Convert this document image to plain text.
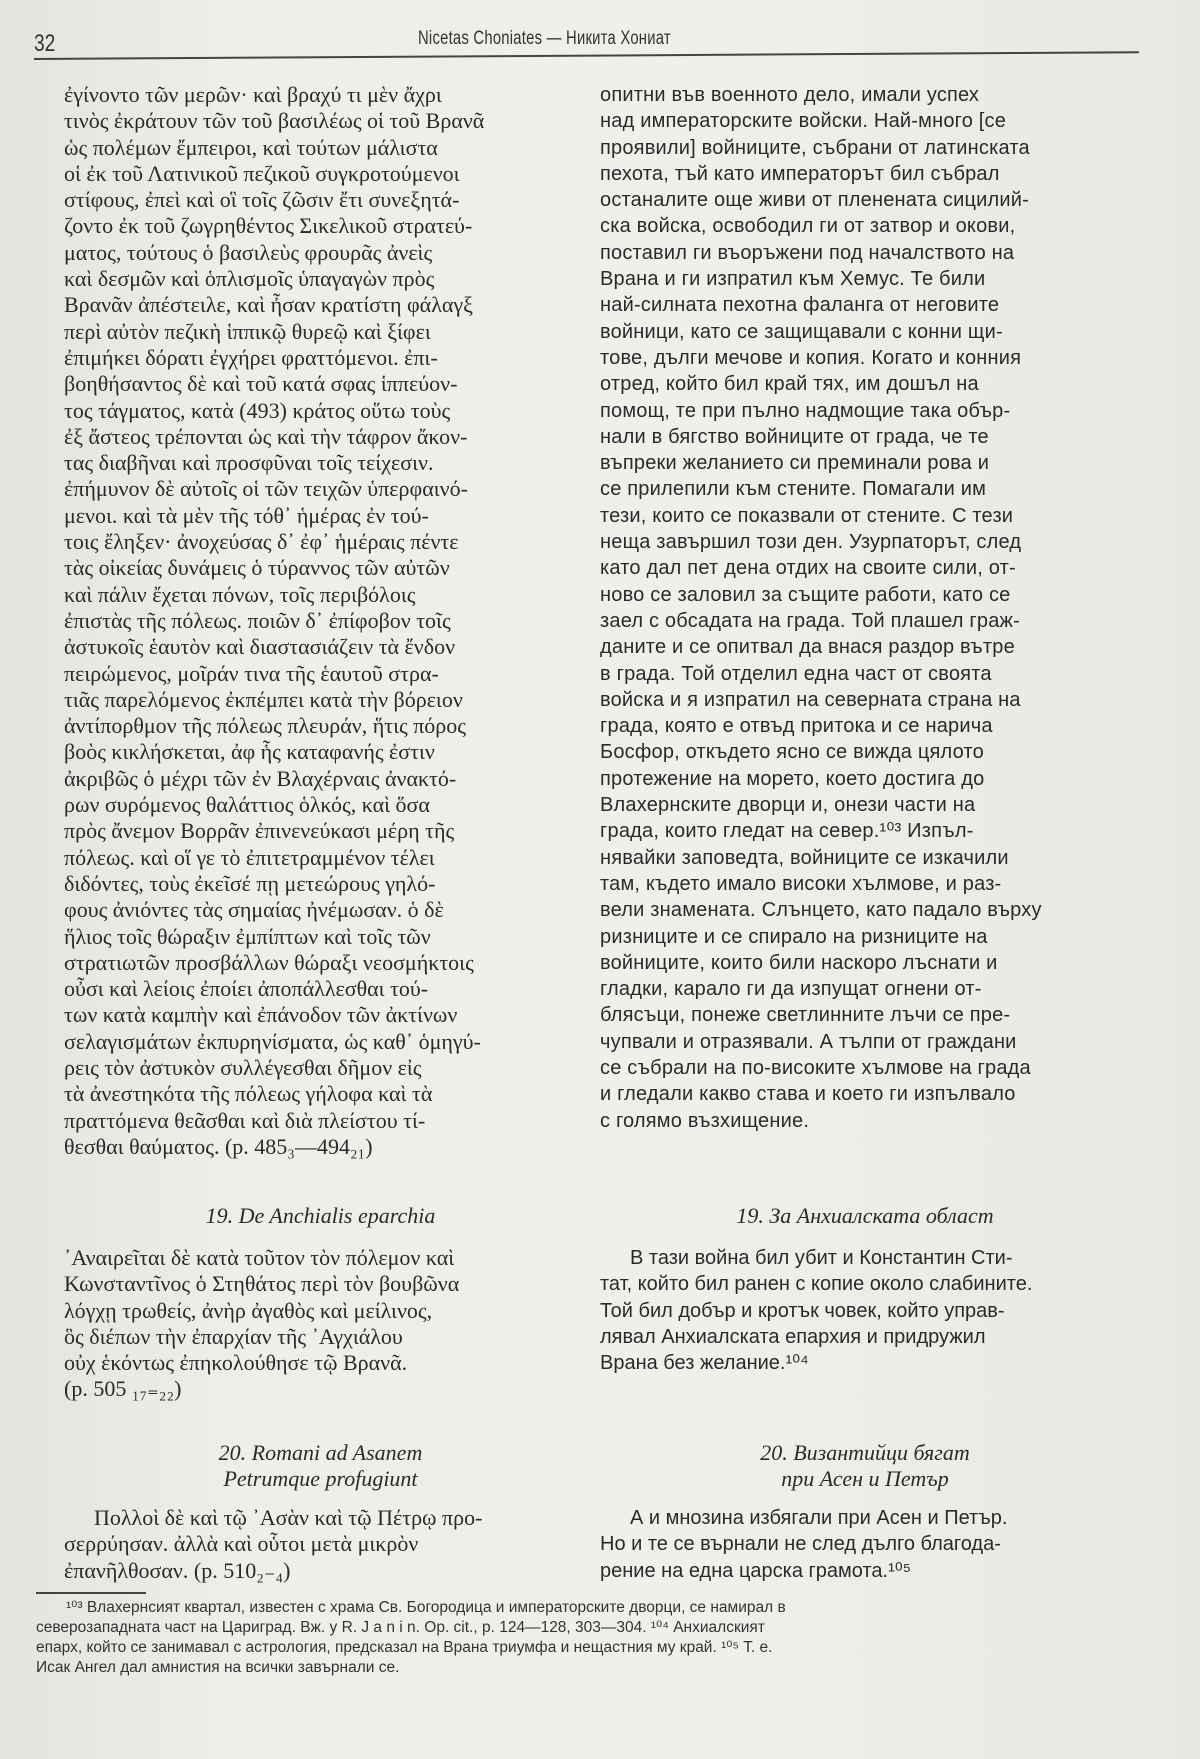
32	Nicetas Choniates — Никита Хониат

ἐγίνοντο τῶν μερῶν· καὶ βραχύ τι μὲν ἄχρι

τινὸς ἐκράτουν τῶν τοῦ βασιλέως οἱ τοῦ Βρανᾶ

ὡς πολέμων ἔμπειροι, καὶ τούτων μάλιστα

οἱ ἐκ τοῦ Λατινικοῦ πεζικοῦ συγκροτούμενοι

στίφους, ἐπεὶ καὶ οἳ τοῖς ζῶσιν ἔτι συνεξητά-

ζοντο ἐκ τοῦ ζωγρηθέντος Σικελικοῦ στρατεύ-

ματος, τούτους ὁ βασιλεὺς φρουρᾶς ἀνεὶς

καὶ δεσμῶν καὶ ὁπλισμοῖς ὑπαγαγὼν πρὸς

Βρανᾶν ἀπέστειλε, καὶ ἦσαν κρατίστη φάλαγξ

περὶ αὐτὸν πεζικὴ ἱππικῷ θυρεῷ καὶ ξίφει

ἐπιμήκει δόρατι ἐγχήρει φραττόμενοι. ἐπι-

βοηθήσαντος δὲ καὶ τοῦ κατά σφας ἱππεύον-

τος τάγματος, κατὰ (493) κράτος οὕτω τοὺς

ἐξ ἄστεος τρέπονται ὡς καὶ τὴν τάφρον ἄκον-

τας διαβῆναι καὶ προσφῦναι τοῖς τείχεσιν.

ἐπήμυνον δὲ αὐτοῖς οἱ τῶν τειχῶν ὑπερφαινό-

μενοι. καὶ τὰ μὲν τῆς τόθ᾿ ἡμέρας ἐν τού-

τοις ἔληξεν· ἀνοχεύσας δ᾿ ἐφ᾿ ἡμέραις πέντε

τὰς οἰκείας δυνάμεις ὁ τύραννος τῶν αὐτῶν

καὶ πάλιν ἔχεται πόνων, τοῖς περιβόλοις

ἐπιστὰς τῆς πόλεως. ποιῶν δ᾿ ἐπίφοβον τοῖς

ἀστυκοῖς ἑαυτὸν καὶ διαστασιάζειν τὰ ἔνδον

πειρώμενος, μοῖράν τινα τῆς ἑαυτοῦ στρα-

τιᾶς παρελόμενος ἐκπέμπει κατὰ τὴν βόρειον

ἀντίπορθμον τῆς πόλεως πλευράν, ἥτις πόρος

βοὸς κικλήσκεται, ἀφ ἧς καταφανής ἐστιν

ἀκριβῶς ὁ μέχρι τῶν ἐν Βλαχέρναις ἀνακτό-

ρων συρόμενος θαλάττιος ὁλκός, καὶ ὅσα

πρὸς ἄνεμον Βορρᾶν ἐπινενεύκασι μέρη τῆς

πόλεως. καὶ οἵ γε τὸ ἐπιτετραμμένον τέλει

διδόντες, τοὺς ἐκεῖσέ πῃ μετεώρους γηλό-

φους ἀνιόντες τὰς σημαίας ἠνέμωσαν. ὁ δὲ

ἥλιος τοῖς θώραξιν ἐμπίπτων καὶ τοῖς τῶν

στρατιωτῶν προσβάλλων θώραξι νεοσμήκτοις

οὖσι καὶ λείοις ἐποίει ἀποπάλλεσθαι τού-

των κατὰ καμπὴν καὶ ἐπάνοδον τῶν ἀκτίνων

σελαγισμάτων ἐκπυρηνίσματα, ὡς καθ᾿ ὁμηγύ-

ρεις τὸν ἀστυκὸν συλλέγεσθαι δῆμον εἰς

τὰ ἀνεστηκότα τῆς πόλεως γήλοφα καὶ τὰ

πραττόμενα θεᾶσθαι καὶ διὰ πλείστου τί-

θεσθαι θαύματος. (p. 485₃—494₂₁)

опитни във военното дело, имали успех

над императорските войски. Най-много [се

проявили] войниците, събрани от латинската

пехота, тъй като императорът бил събрал

останалите още живи от пленената сицилий-

ска войска, освободил ги от затвор и окови,

поставил ги въоръжени под началството на

Врана и ги изпратил към Хемус. Те били

най-силната пехотна фаланга от неговите

войници, като се защищавали с конни щи-

тове, дълги мечове и копия. Когато и конния

отред, който бил край тях, им дошъл на

помощ, те при пълно надмощие така обър-

нали в бягство войниците от града, че те

въпреки желанието си преминали рова и

се прилепили към стените. Помагали им

тези, които се показвали от стените. С тези

неща завършил този ден. Узурпаторът, след

като дал пет дена отдих на своите сили, от-

ново се заловил за същите работи, като се

заел с обсадата на града. Той плашел граж-

даните и се опитвал да внася раздор вътре

в града. Той отделил една част от своята

войска и я изпратил на северната страна на

града, която е отвъд притока и се нарича

Босфор, откъдето ясно се вижда цялото

протежение на морето, което достига до

Влахернските дворци и, онези части на

града, които гледат на север.¹⁰³ Изпъл-

нявайки заповедта, войниците се изкачили

там, където имало високи хълмове, и раз-

вели знамената. Слънцето, като падало върху

ризниците и се спирало на ризниците на

войниците, които били наскоро лъснати и

гладки, карало ги да изпущат огнени от-

блясъци, понеже светлинните лъчи се пре-

чупвали и отразявали. А тълпи от граждани

се събрали на по-високите хълмове на града

и гледали какво става и което ги изпълвало

с голямо възхищение.

19. De Anchialis eparchia	19. За Анхиалската област

᾿Αναιρεῖται δὲ κατὰ τοῦτον τὸν πόλεμον καὶ

Κωνσταντῖνος ὁ Στηθάτος περὶ τὸν βουβῶνα

λόγχῃ τρωθείς, ἀνὴρ ἀγαθὸς καὶ μείλινος,

ὃς διέπων τὴν ἐπαρχίαν τῆς ᾿Αγχιάλου

οὐχ ἑκόντως ἐπηκολούθησε τῷ Βρανᾶ.

(p. 505 ₁₇₌₂₂)

В тази война бил убит и Константин Сти-

тат, който бил ранен с копие около слабините.

Той бил добър и кротък човек, който управ-

лявал Анхиалската епархия и придружил

Врана без желание.¹⁰⁴

20. Romani ad Asanem
Petrumque profugiunt
20. Византийци бягат
при Асен и Петър

Πολλοὶ δὲ καὶ τῷ ᾿Ασὰν καὶ τῷ Πέτρῳ προ-

σερρύησαν. ἀλλὰ καὶ οὗτοι μετὰ μικρὸν

ἐπανῆλθοσαν. (p. 510₂₋₄)

А и мнозина избягали при Асен и Петър.

Но и те се върнали не след дълго благода-

рение на една царска грамота.¹⁰⁵

¹⁰³ Влахернсият квартал, известен с храма Св. Богородица и императорските дворци, се намирал в

северозападната част на Цариград. Вж. у R. J a n i n. Op. cit., p. 124—128, 303—304. ¹⁰⁴ Анхиалският

епарх, който се занимавал с астрология, предсказал на Врана триумфа и нещастния му край. ¹⁰⁵ Т. е.

Исак Ангел дал амнистия на всички завърнали се.
